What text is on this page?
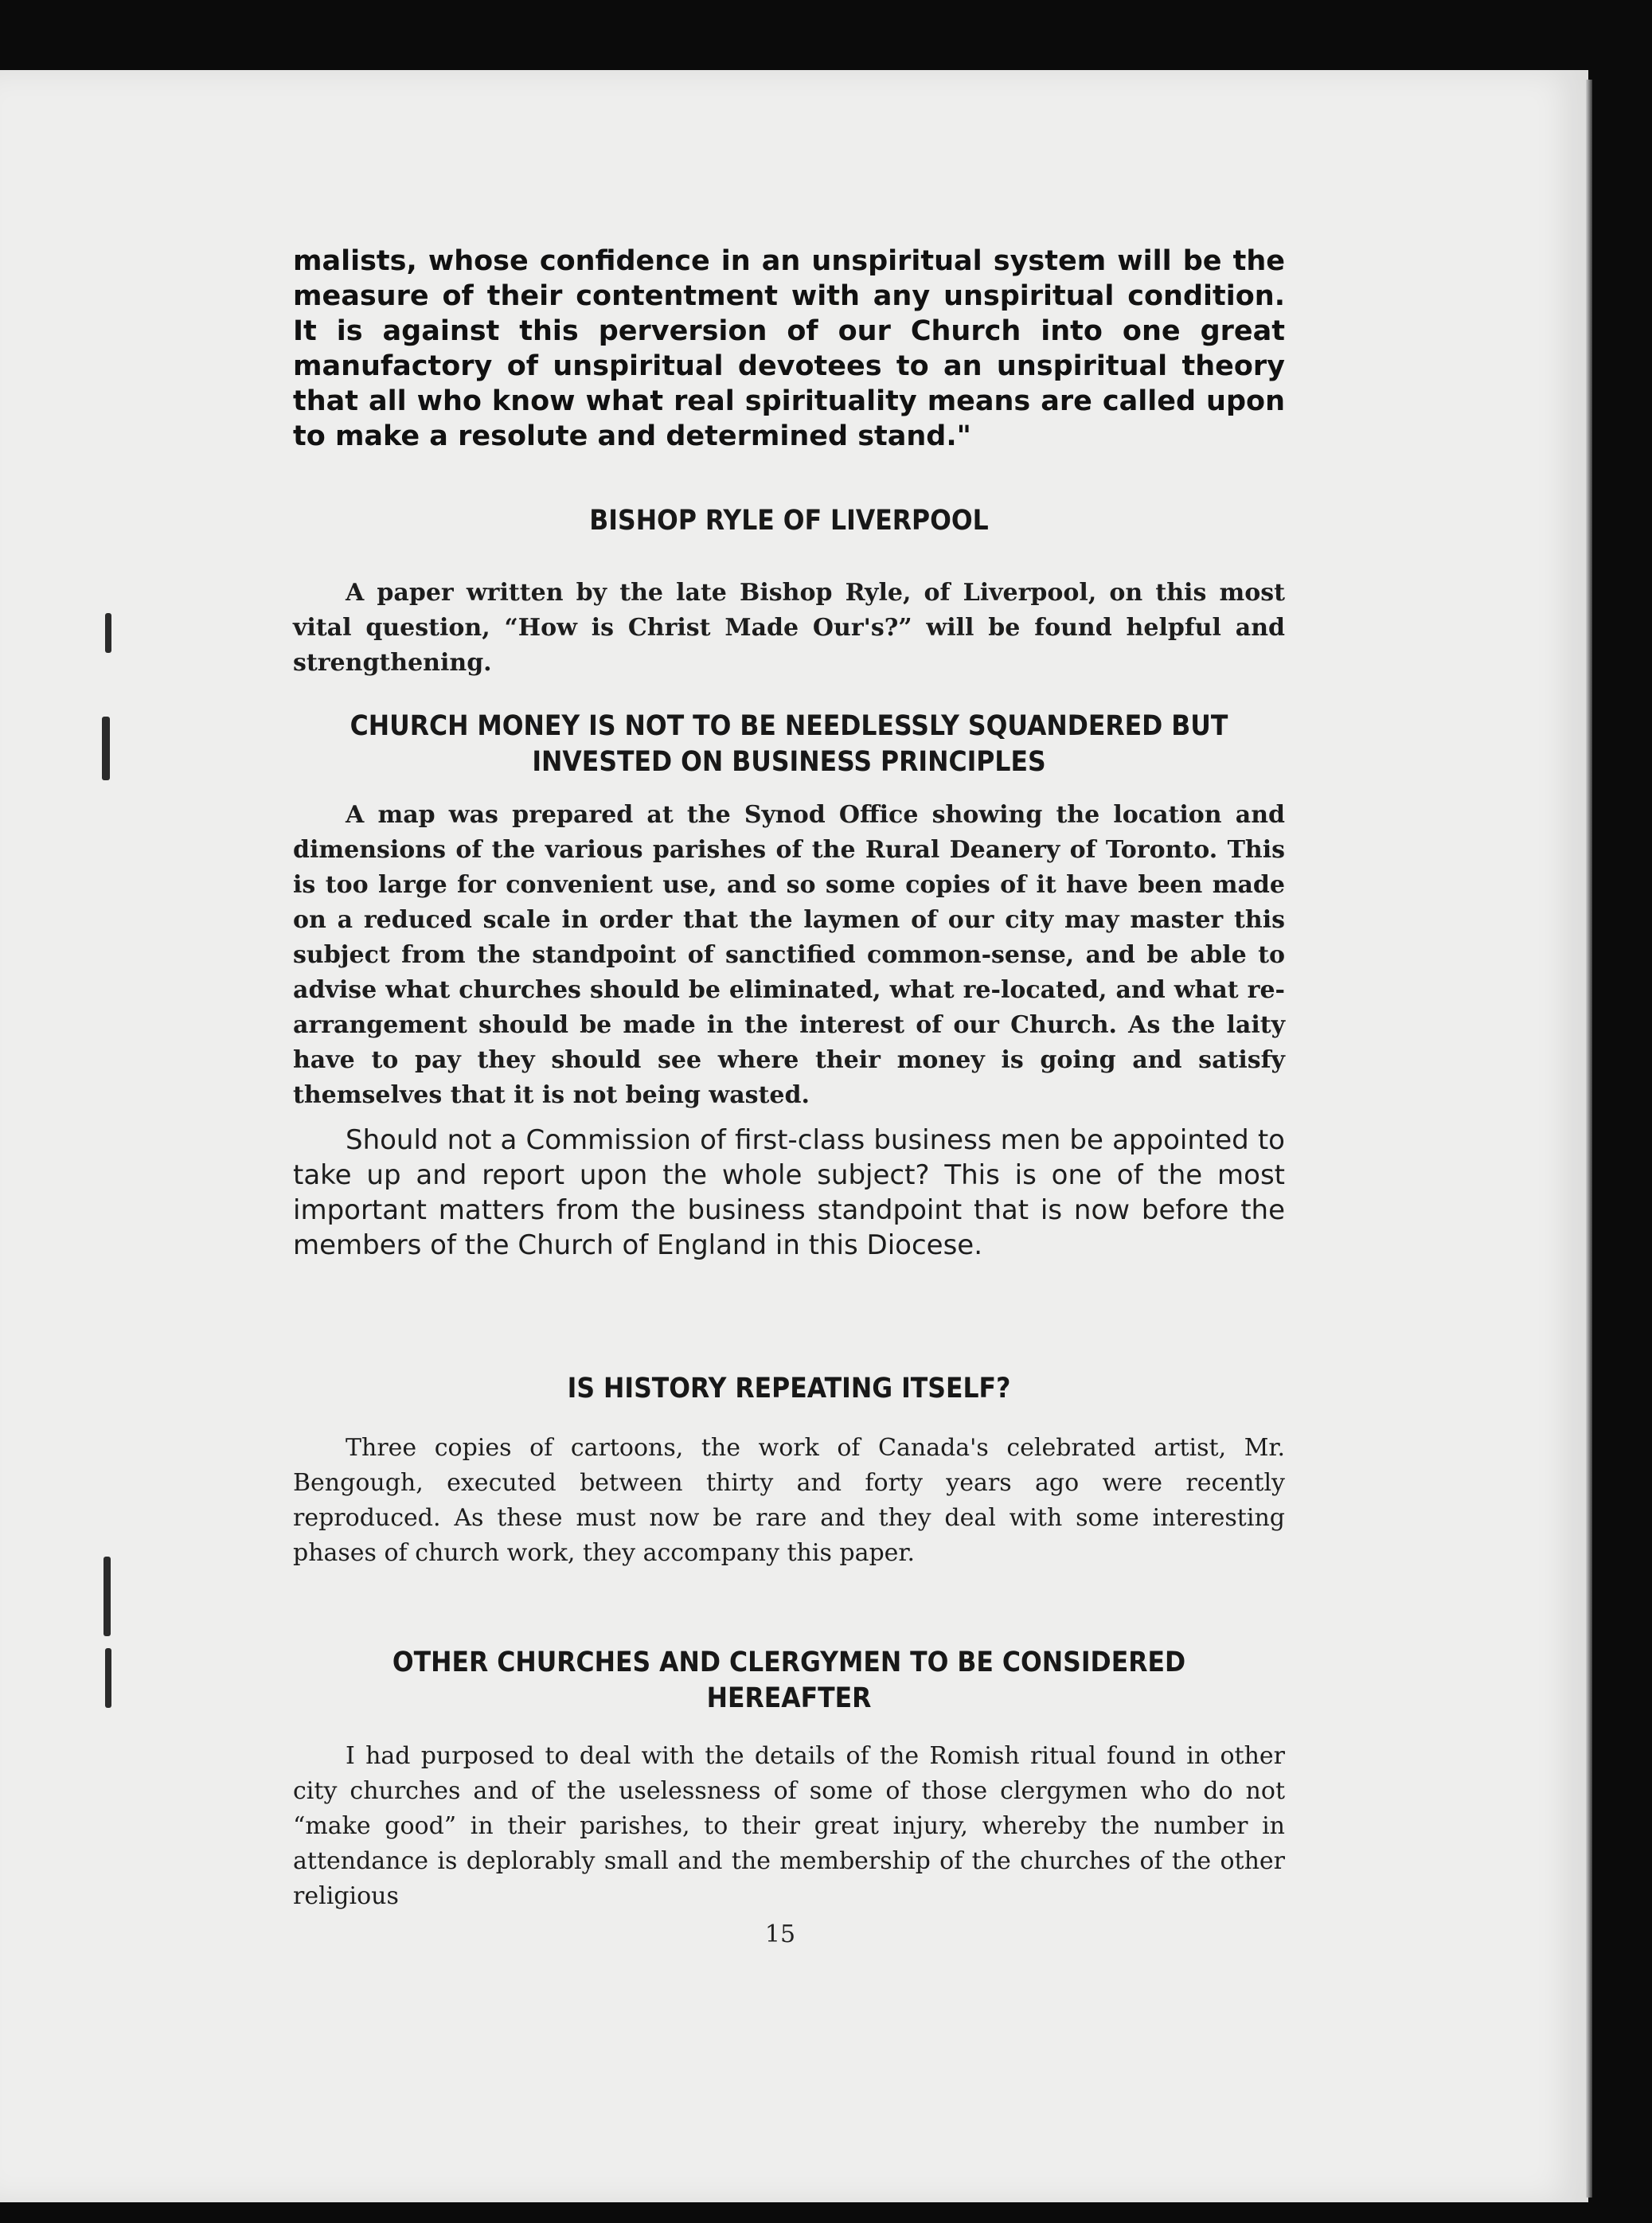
malists, whose confidence in an unspiritual system will be the measure of their contentment with any unspiritual condition. It is against this perversion of our Church into one great manufactory of unspiritual devotees to an unspiritual theory that all who know what real spirituality means are called upon to make a resolute and determined stand."

BISHOP RYLE OF LIVERPOOL

A paper written by the late Bishop Ryle, of Liverpool, on this most vital question, “How is Christ Made Our's?” will be found helpful and strengthening.

CHURCH MONEY IS NOT TO BE NEEDLESSLY SQUANDERED BUT INVESTED ON BUSINESS PRINCIPLES

A map was prepared at the Synod Office showing the location and dimensions of the various parishes of the Rural Deanery of Toronto. This is too large for convenient use, and so some copies of it have been made on a reduced scale in order that the laymen of our city may master this subject from the standpoint of sanctified common-sense, and be able to advise what churches should be eliminated, what re-located, and what re-arrangement should be made in the interest of our Church. As the laity have to pay they should see where their money is going and satisfy themselves that it is not being wasted.

Should not a Commission of first-class business men be appointed to take up and report upon the whole subject? This is one of the most important matters from the business standpoint that is now before the members of the Church of England in this Diocese.

IS HISTORY REPEATING ITSELF?

Three copies of cartoons, the work of Canada's celebrated artist, Mr. Bengough, executed between thirty and forty years ago were recently reproduced. As these must now be rare and they deal with some interesting phases of church work, they accompany this paper.

OTHER CHURCHES AND CLERGYMEN TO BE CONSIDERED HEREAFTER

I had purposed to deal with the details of the Romish ritual found in other city churches and of the uselessness of some of those clergymen who do not “make good” in their parishes, to their great injury, whereby the number in attendance is deplorably small and the membership of the churches of the other religious

15
